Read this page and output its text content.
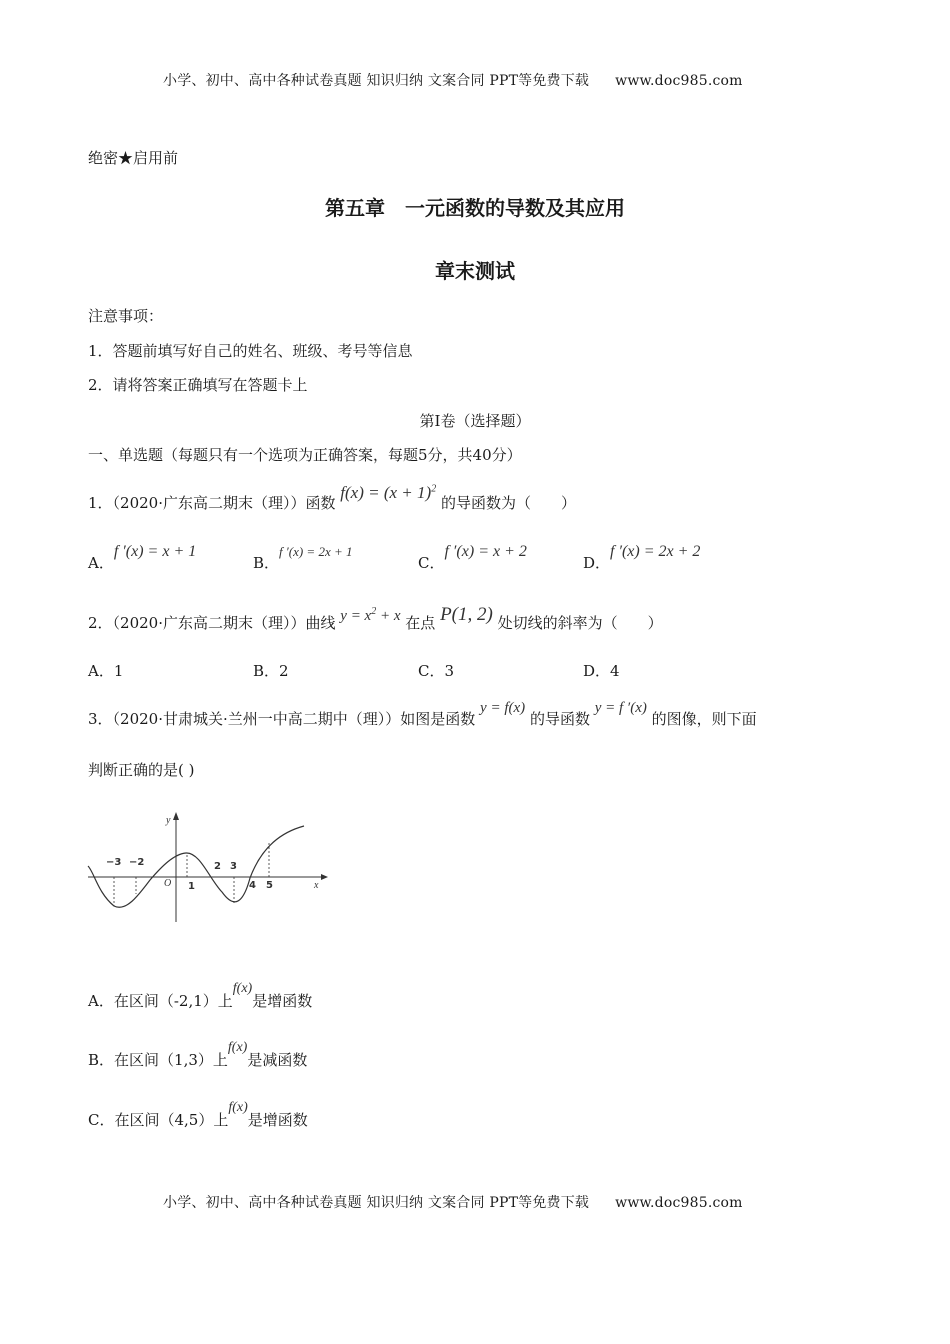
小学、初中、高中各种试卷真题 知识归纳 文案合同 PPT等免费下载 www.doc985.com
绝密★启用前
第五章　一元函数的导数及其应用
章末测试
注意事项：
1．答题前填写好自己的姓名、班级、考号等信息
2．请将答案正确填写在答题卡上
第I卷（选择题）
一、单选题（每题只有一个选项为正确答案，每题5分，共40分）
1．（2020·广东高二期末（理））函数 $f(x) = (x + 1)^2$ 的导函数为（　　）
A．f ′(x) = x + 1
B．f ′(x) = 2x + 1
C．f ′(x) = x + 2
D．f ′(x) = 2x + 2
2．（2020·广东高二期末（理））曲线 $y = x^2 + x$ 在点 P(1, 2) 处切线的斜率为（　　）
A．1	B．2	C．3	D．4
3．（2020·甘肃城关·兰州一中高二期中（理））如图是函数 y = f(x) 的导函数 y = f ′(x) 的图像，则下面
判断正确的是( )
y
x
O
−3 −2
1
2 3
4 5
A．在区间（-2,1）上f(x)是增函数
B．在区间（1,3）上f(x)是减函数
C．在区间（4,5）上f(x)是增函数
小学、初中、高中各种试卷真题 知识归纳 文案合同 PPT等免费下载 www.doc985.com
